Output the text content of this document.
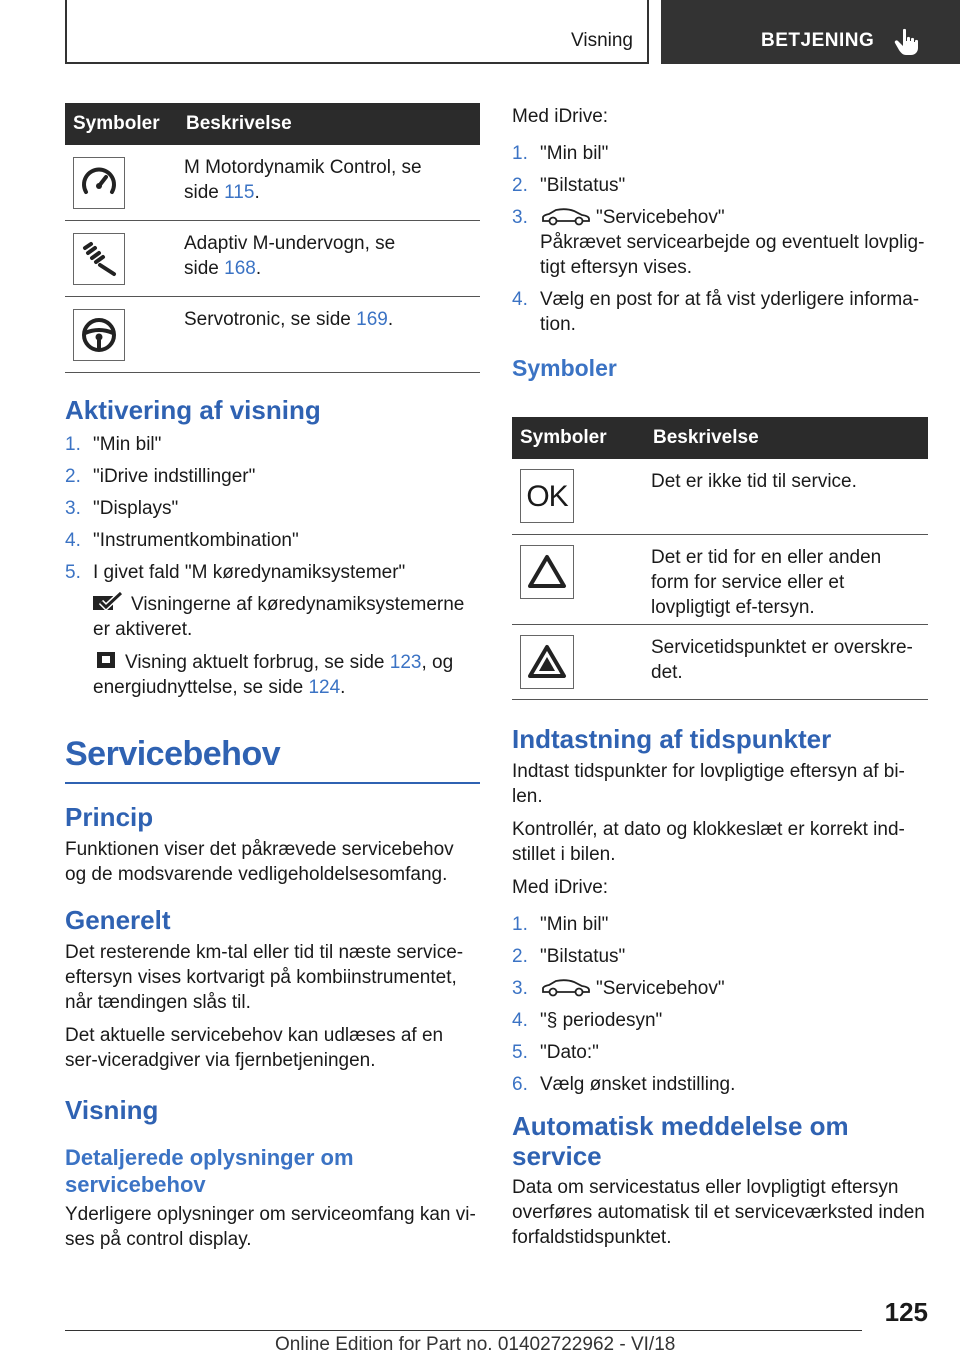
Visning	BETJENING
Symboler	Beskrivelse

	M Motordynamik Control, se
side 115.

	Adaptiv M-undervogn, se
side 168.

	Servotronic, se side 169.
Aktivering af visning
1. "Min bil"
2. "iDrive indstillinger"
3. "Displays"
4. "Instrumentkombination"
5. I givet fald "M køredynamiksystemer"

Visningerne af køredynamiksystemerne er aktiveret.

Visning aktuelt forbrug, se side 123, og energiudnyttelse, se side 124.

Servicebehov
Princip

Funktionen viser det påkrævede servicebehov og de modsvarende vedligeholdelsesomfang.

Generelt

Det resterende km-tal eller tid til næste service-eftersyn vises kortvarigt på kombiinstrumentet, når tændingen slås til.

Det aktuelle servicebehov kan udlæses af en ser-viceradgiver via fjernbetjeningen.

Visning
Detaljerede oplysninger om servicebehov

Yderligere oplysninger om serviceomfang kan vi-ses på control display.

Med iDrive:

1. "Min bil"
2. "Bilstatus"
3.	"Servicebehov"
Påkrævet servicearbejde og eventuelt lovplig-tigt eftersyn vises.
4. Vælg en post for at få vist yderligere informa-tion.
Symboler
Symboler	Beskrivelse

OK	Det er ikke tid til service.

	Det er tid for en eller anden form for service eller et lovpligtigt ef-tersyn.

	Servicetidspunktet er overskre-det.
Indtastning af tidspunkter

Indtast tidspunkter for lovpligtige eftersyn af bi-len.

Kontrollér, at dato og klokkeslæt er korrekt ind-stillet i bilen.

Med iDrive:

1. "Min bil"
2. "Bilstatus"
3.	"Servicebehov"
4. "§ periodesyn"
5. "Dato:"
6. Vælg ønsket indstilling.
Automatisk meddelelse om service

Data om servicestatus eller lovpligtigt eftersyn overføres automatisk til et serviceværksted inden forfaldstidspunktet.

125
Online Edition for Part no. 01402722962 - VI/18
